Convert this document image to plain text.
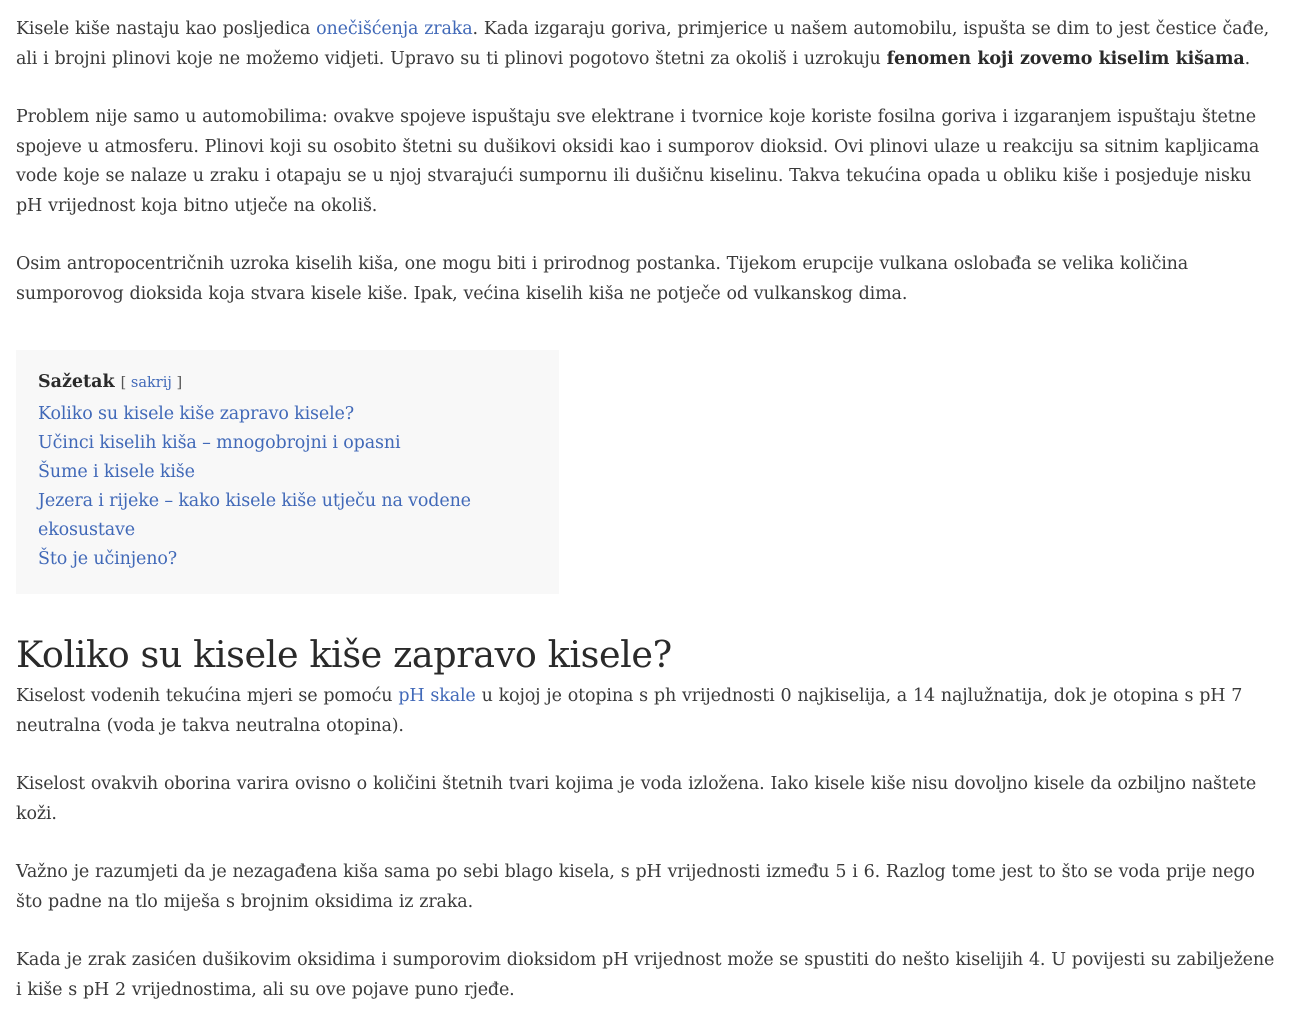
Kisele kiše nastaju kao posljedica onečišćenja zraka. Kada izgaraju goriva, primjerice u našem automobilu, ispušta se dim to jest čestice čađe, ali i brojni plinovi koje ne možemo vidjeti. Upravo su ti plinovi pogotovo štetni za okoliš i uzrokuju fenomen koji zovemo kiselim kišama.

Problem nije samo u automobilima: ovakve spojeve ispuštaju sve elektrane i tvornice koje koriste fosilna goriva i izgaranjem ispuštaju štetne spojeve u atmosferu. Plinovi koji su osobito štetni su dušikovi oksidi kao i sumporov dioksid. Ovi plinovi ulaze u reakciju sa sitnim kapljicama vode koje se nalaze u zraku i otapaju se u njoj stvarajući sumpornu ili dušičnu kiselinu. Takva tekućina opada u obliku kiše i posjeduje nisku pH vrijednost koja bitno utječe na okoliš.

Osim antropocentričnih uzroka kiselih kiša, one mogu biti i prirodnog postanka. Tijekom erupcije vulkana oslobađa se velika količina sumporovog dioksida koja stvara kisele kiše. Ipak, većina kiselih kiša ne potječe od vulkanskog dima.

Sažetak [ sakrij ]
Koliko su kisele kiše zapravo kisele?
Učinci kiselih kiša – mnogobrojni i opasni
Šume i kisele kiše
Jezera i rijeke – kako kisele kiše utječu na vodene ekosustave
Što je učinjeno?
Koliko su kisele kiše zapravo kisele?

Kiselost vodenih tekućina mjeri se pomoću pH skale u kojoj je otopina s ph vrijednosti 0 najkiselija, a 14 najlužnatija, dok je otopina s pH 7 neutralna (voda je takva neutralna otopina).

Kiselost ovakvih oborina varira ovisno o količini štetnih tvari kojima je voda izložena. Iako kisele kiše nisu dovoljno kisele da ozbiljno naštete koži.

Važno je razumjeti da je nezagađena kiša sama po sebi blago kisela, s pH vrijednosti između 5 i 6. Razlog tome jest to što se voda prije nego što padne na tlo miješa s brojnim oksidima iz zraka.

Kada je zrak zasićen dušikovim oksidima i sumporovim dioksidom pH vrijednost može se spustiti do nešto kiselijih 4. U povijesti su zabilježene i kiše s pH 2 vrijednostima, ali su ove pojave puno rjeđe.
